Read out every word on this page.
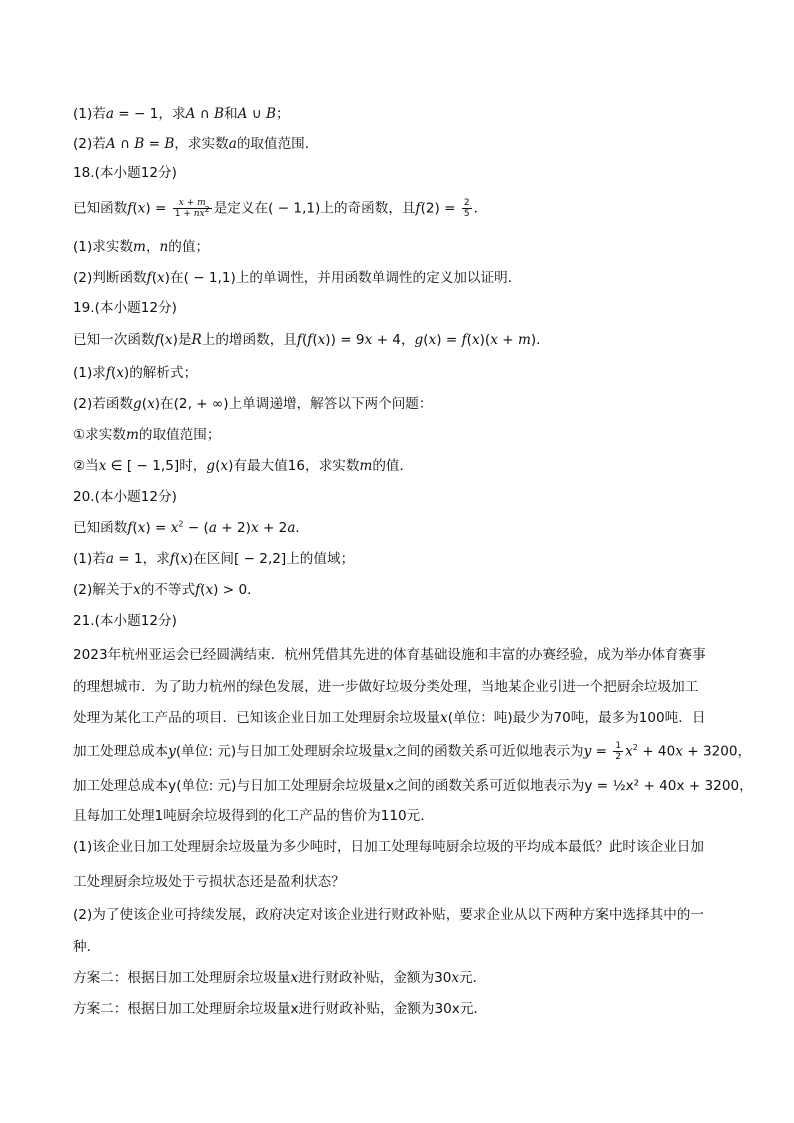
(1)若a = − 1，求A ∩ B和A ∪ B；
(2)若A ∩ B = B，求实数a的取值范围．
18.(本小题12分)
已知函数$f(x) = \frac{x + m}{1 + nx^2}$ 是定义在( − 1,1)上的奇函数，且$f(2) = \frac{2}{5}$ ．
(1)求实数m，n的值；
(2)判断函数f(x)在( − 1,1)上的单调性，并用函数单调性的定义加以证明．
19.(本小题12分)
已知一次函数f(x)是R上的增函数，且f(f(x)) = 9x + 4，g(x) = f(x)(x + m)．
(1)求f(x)的解析式；
(2)若函数g(x)在(2, + ∞)上单调递增，解答以下两个问题：
①求实数m的取值范围；
②当x ∈ [ − 1,5]时，g(x)有最大值16，求实数m的值．
20.(本小题12分)
已知函数$f(x) = x^2 - (a + 2)x + 2a$．
(1)若a = 1，求f(x)在区间[ − 2,2]上的值域；
(2)解关于x的不等式f(x) > 0．
21.(本小题12分)
2023年杭州亚运会已经圆满结束．杭州凭借其先进的体育基础设施和丰富的办赛经验，成为举办体育赛事
的理想城市．为了助力杭州的绿色发展，进一步做好垃圾分类处理，当地某企业引进一个把厨余垃圾加工
处理为某化工产品的项目．已知该企业日加工处理厨余垃圾量x(单位：吨)最少为70吨，最多为100吨．日
加工处理总成本y(单位: 元)与日加工处理厨余垃圾量x之间的函数关系可近似地表示为$y = \frac{1}{2} x^2 + 40x + 3200$，
加工处理总成本y(单位: 元)与日加工处理厨余垃圾量x之间的函数关系可近似地表示为y = ½x² + 40x + 3200，
且每加工处理1吨厨余垃圾得到的化工产品的售价为110元．
(1)该企业日加工处理厨余垃圾量为多少吨时，日加工处理每吨厨余垃圾的平均成本最低？此时该企业日加
工处理厨余垃圾处于亏损状态还是盈利状态？
(2)为了使该企业可持续发展，政府决定对该企业进行财政补贴，要求企业从以下两种方案中选择其中的一
种．
方案二：根据日加工处理厨余垃圾量x进行财政补贴，金额为30x元．
方案二：根据日加工处理厨余垃圾量x进行财政补贴，金额为30x元．
